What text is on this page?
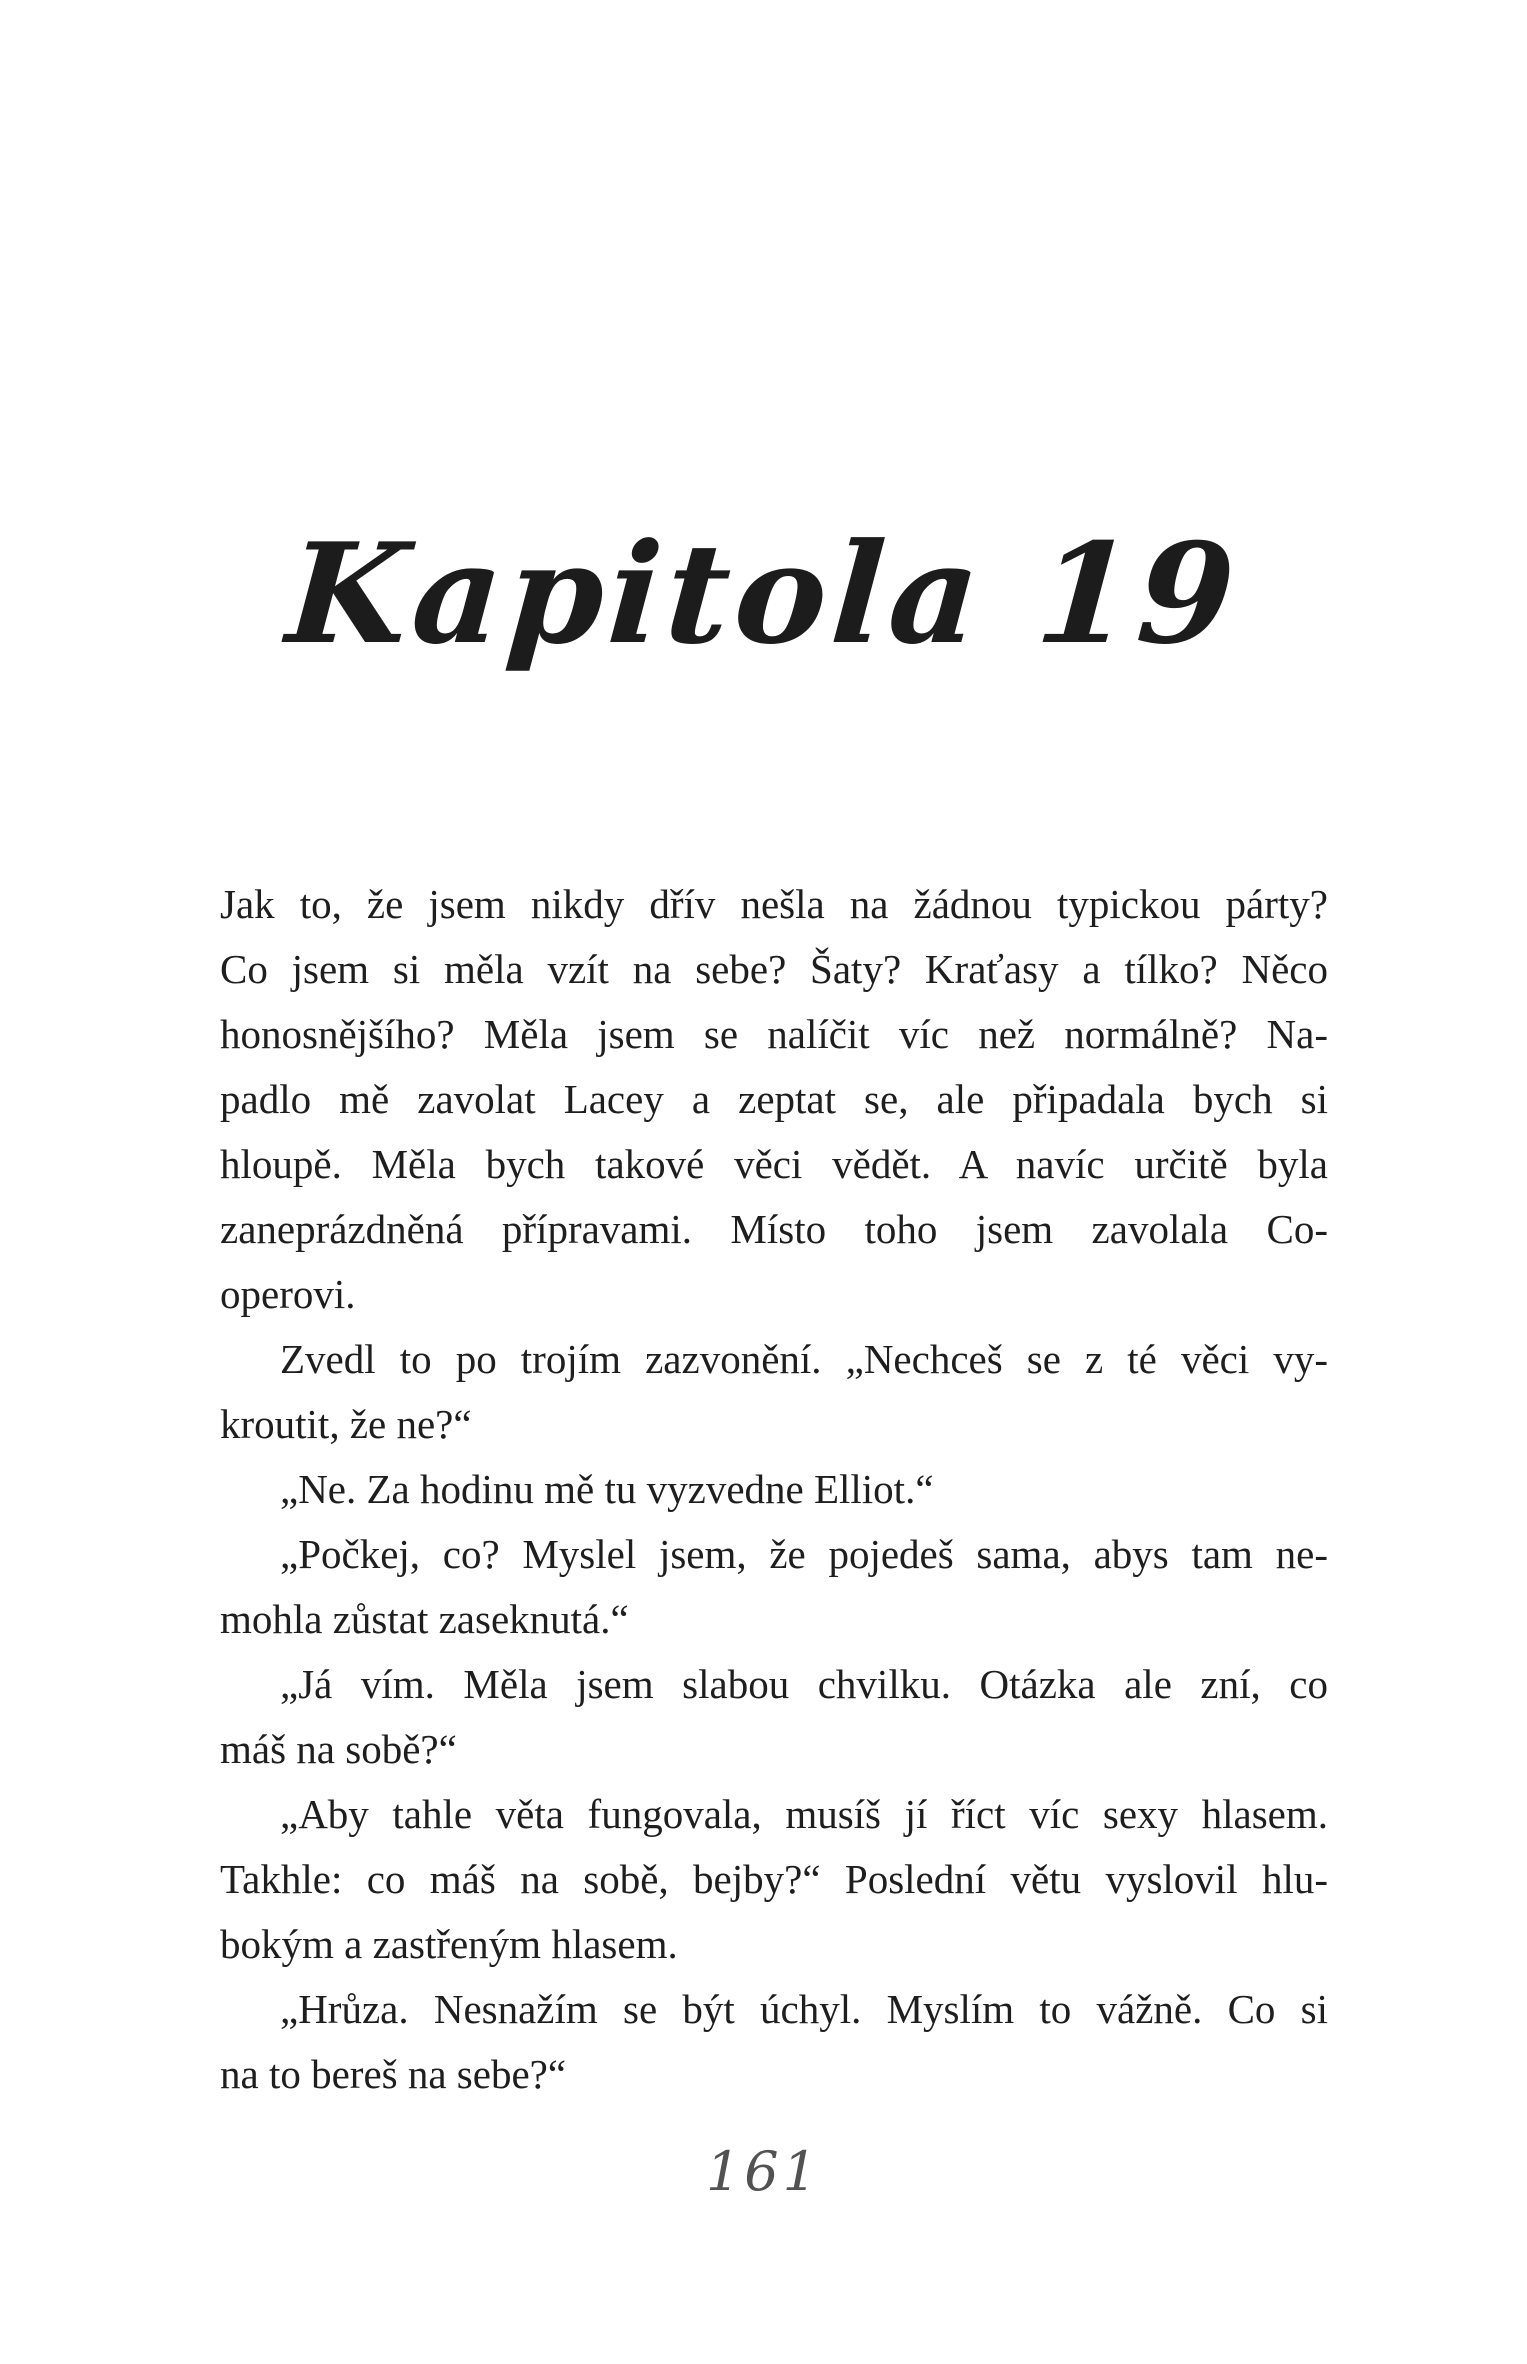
Kapitola 19
Jak to, že jsem nikdy dřív nešla na žádnou typickou párty?
Co jsem si měla vzít na sebe? Šaty? Kraťasy a tílko? Něco
honosnějšího? Měla jsem se nalíčit víc než normálně? Na-
padlo mě zavolat Lacey a zeptat se, ale připadala bych si
hloupě. Měla bych takové věci vědět. A navíc určitě byla
zaneprázdněná přípravami. Místo toho jsem zavolala Co-
operovi.
Zvedl to po trojím zazvonění. „Nechceš se z té věci vy-
kroutit, že ne?“
„Ne. Za hodinu mě tu vyzvedne Elliot.“
„Počkej, co? Myslel jsem, že pojedeš sama, abys tam ne-
mohla zůstat zaseknutá.“
„Já vím. Měla jsem slabou chvilku. Otázka ale zní, co
máš na sobě?“
„Aby tahle věta fungovala, musíš jí říct víc sexy hlasem.
Takhle: co máš na sobě, bejby?“ Poslední větu vyslovil hlu-
bokým a zastřeným hlasem.
„Hrůza. Nesnažím se být úchyl. Myslím to vážně. Co si
na to bereš na sebe?“
161
